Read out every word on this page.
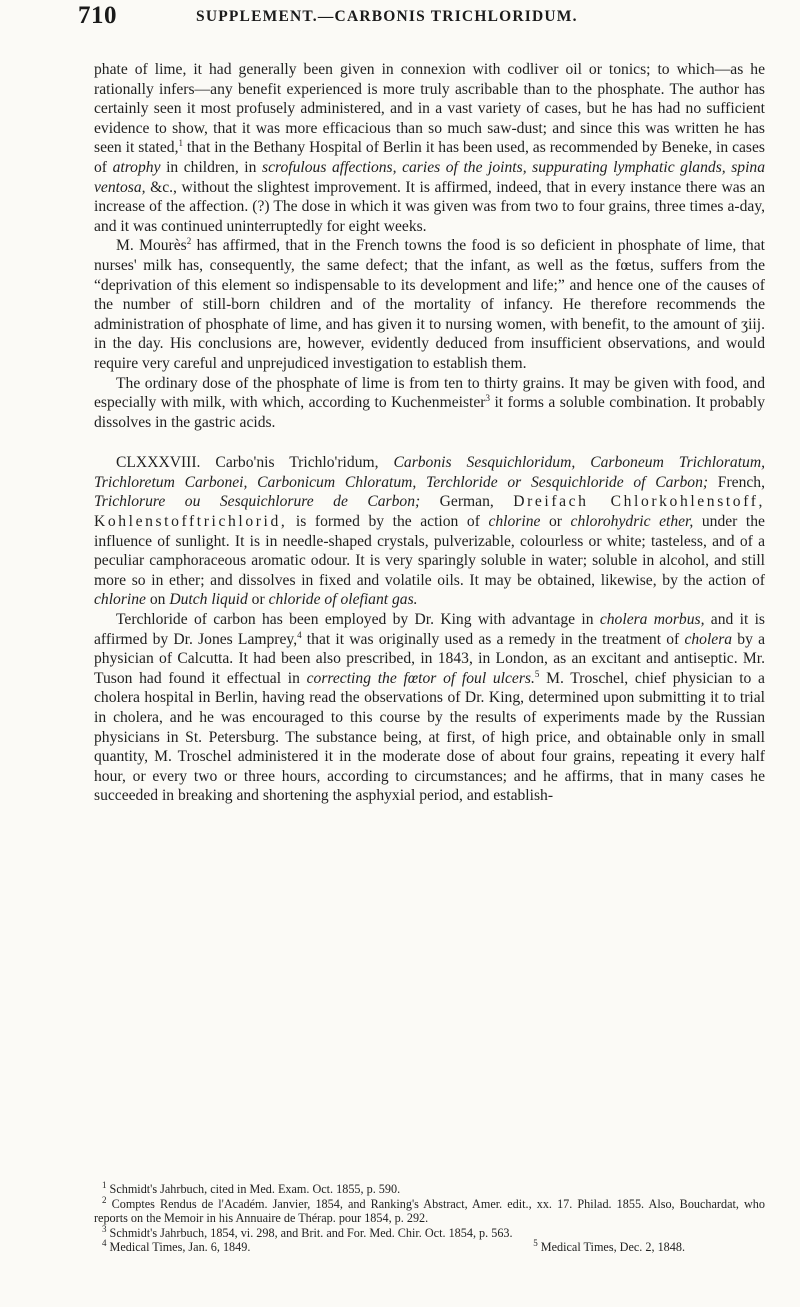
710	SUPPLEMENT.—CARBONIS TRICHLORIDUM.

phate of lime, it had generally been given in connexion with codliver oil or tonics; to which—as he rationally infers—any benefit experienced is more truly ascribable than to the phosphate. The author has certainly seen it most profusely administered, and in a vast variety of cases, but he has had no sufficient evidence to show, that it was more efficacious than so much saw-dust; and since this was written he has seen it stated,$^1$ that in the Bethany Hospital of Berlin it has been used, as recommended by Beneke, in cases of atrophy in children, in scrofulous affections, caries of the joints, suppurating lymphatic glands, spina ventosa, &c., without the slightest improvement. It is affirmed, indeed, that in every instance there was an increase of the affection. (?) The dose in which it was given was from two to four grains, three times a-day, and it was continued uninterruptedly for eight weeks.

M. Mourès$^2$ has affirmed, that in the French towns the food is so deficient in phosphate of lime, that nurses' milk has, consequently, the same defect; that the infant, as well as the fœtus, suffers from the “deprivation of this element so indispensable to its development and life;” and hence one of the causes of the number of still-born children and of the mortality of infancy. He therefore recommends the administration of phosphate of lime, and has given it to nursing women, with benefit, to the amount of ʒiij. in the day. His conclusions are, however, evidently deduced from insufficient observations, and would require very careful and unprejudiced investigation to establish them.

The ordinary dose of the phosphate of lime is from ten to thirty grains. It may be given with food, and especially with milk, with which, according to Kuchenmeister$^3$ it forms a soluble combination. It probably dissolves in the gastric acids.

CLXXXVIII. Carbo'nis Trichlo'ridum, Carbonis Sesquichloridum, Carboneum Trichloratum, Trichloretum Carbonei, Carbonicum Chloratum, Terchloride or Sesquichloride of Carbon; French, Trichlorure ou Sesquichlorure de Carbon; German, Dreifach Chlorkohlenstoff, Kohlenstofftrichlorid, is formed by the action of chlorine or chlorohydric ether, under the influence of sunlight. It is in needle-shaped crystals, pulverizable, colourless or white; tasteless, and of a peculiar camphoraceous aromatic odour. It is very sparingly soluble in water; soluble in alcohol, and still more so in ether; and dissolves in fixed and volatile oils. It may be obtained, likewise, by the action of chlorine on Dutch liquid or chloride of olefiant gas.

Terchloride of carbon has been employed by Dr. King with advantage in cholera morbus, and it is affirmed by Dr. Jones Lamprey,$^4$ that it was originally used as a remedy in the treatment of cholera by a physician of Calcutta. It had been also prescribed, in 1843, in London, as an excitant and antiseptic. Mr. Tuson had found it effectual in correcting the fœtor of foul ulcers.$^5$ M. Troschel, chief physician to a cholera hospital in Berlin, having read the observations of Dr. King, determined upon submitting it to trial in cholera, and he was encouraged to this course by the results of experiments made by the Russian physicians in St. Petersburg. The substance being, at first, of high price, and obtainable only in small quantity, M. Troschel administered it in the moderate dose of about four grains, repeating it every half hour, or every two or three hours, according to circumstances; and he affirms, that in many cases he succeeded in breaking and shortening the asphyxial period, and establish-

$^1$ Schmidt's Jahrbuch, cited in Med. Exam. Oct. 1855, p. 590.

$^2$ Comptes Rendus de l'Académ. Janvier, 1854, and Ranking's Abstract, Amer. edit., xx. 17. Philad. 1855. Also, Bouchardat, who reports on the Memoir in his Annuaire de Thérap. pour 1854, p. 292.

$^3$ Schmidt's Jahrbuch, 1854, vi. 298, and Brit. and For. Med. Chir. Oct. 1854, p. 563.

$^4$ Medical Times, Jan. 6, 1849.	$^5$ Medical Times, Dec. 2, 1848.
